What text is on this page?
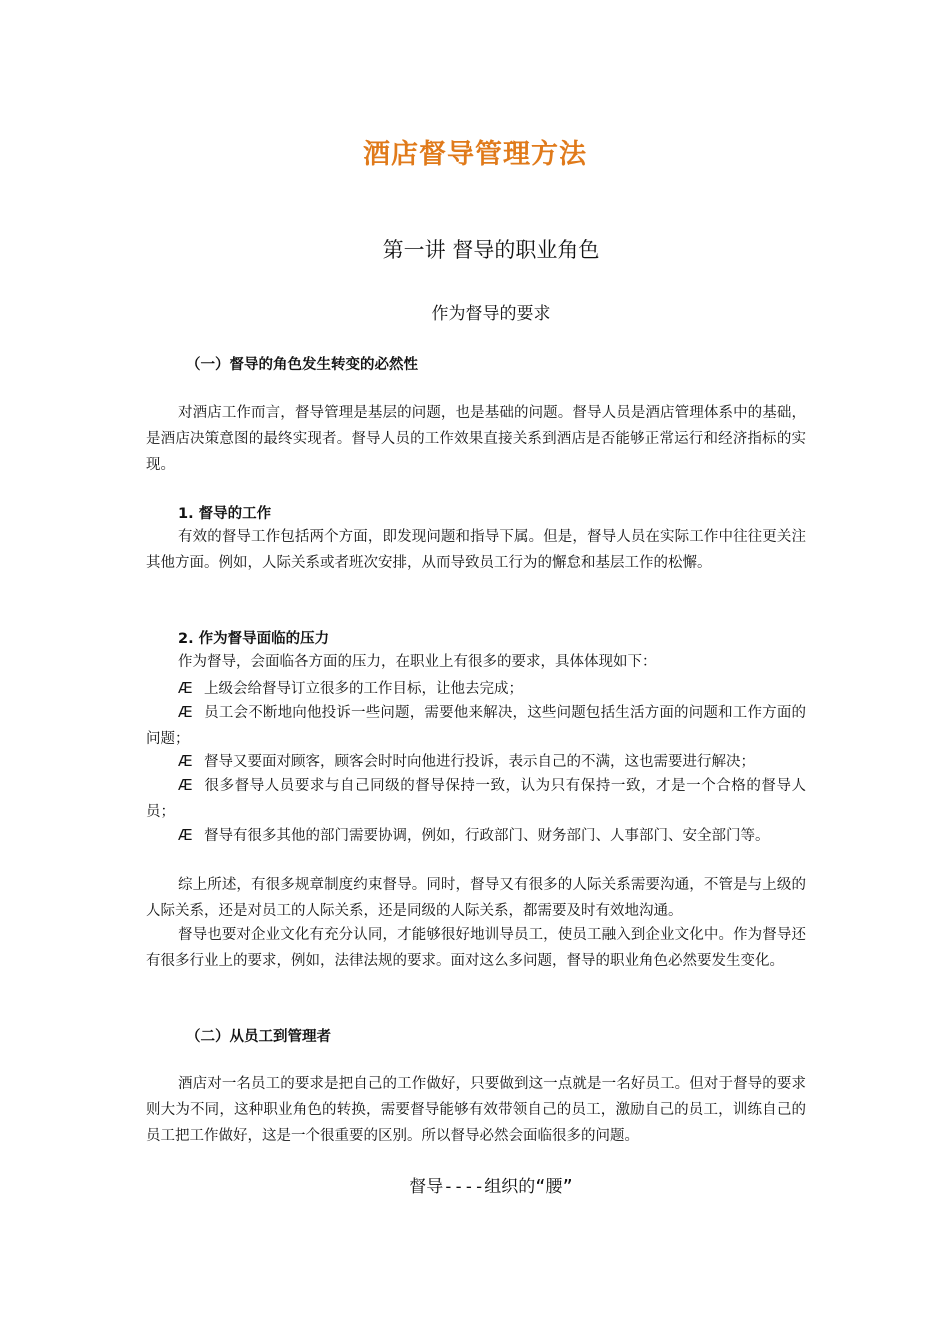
酒店督导管理方法
第一讲 督导的职业角色
作为督导的要求
（一）督导的角色发生转变的必然性

对酒店工作而言，督导管理是基层的问题，也是基础的问题。督导人员是酒店管理体系中的基础，是酒店决策意图的最终实现者。督导人员的工作效果直接关系到酒店是否能够正常运行和经济指标的实现。

1. 督导的工作

有效的督导工作包括两个方面，即发现问题和指导下属。但是，督导人员在实际工作中往往更关注其他方面。例如，人际关系或者班次安排，从而导致员工行为的懈怠和基层工作的松懈。

2. 作为督导面临的压力

作为督导，会面临各方面的压力，在职业上有很多的要求，具体体现如下：

Æ 上级会给督导订立很多的工作目标，让他去完成；

Æ 员工会不断地向他投诉一些问题，需要他来解决，这些问题包括生活方面的问题和工作方面的问题；

Æ 督导又要面对顾客，顾客会时时向他进行投诉，表示自己的不满，这也需要进行解决；

Æ 很多督导人员要求与自己同级的督导保持一致，认为只有保持一致，才是一个合格的督导人员；

Æ 督导有很多其他的部门需要协调，例如，行政部门、财务部门、人事部门、安全部门等。

综上所述，有很多规章制度约束督导。同时，督导又有很多的人际关系需要沟通，不管是与上级的人际关系，还是对员工的人际关系，还是同级的人际关系，都需要及时有效地沟通。

督导也要对企业文化有充分认同，才能够很好地训导员工，使员工融入到企业文化中。作为督导还有很多行业上的要求，例如，法律法规的要求。面对这么多问题，督导的职业角色必然要发生变化。

（二）从员工到管理者

酒店对一名员工的要求是把自己的工作做好，只要做到这一点就是一名好员工。但对于督导的要求则大为不同，这种职业角色的转换，需要督导能够有效带领自己的员工，激励自己的员工，训练自己的员工把工作做好，这是一个很重要的区别。所以督导必然会面临很多的问题。

督导----组织的“腰”
